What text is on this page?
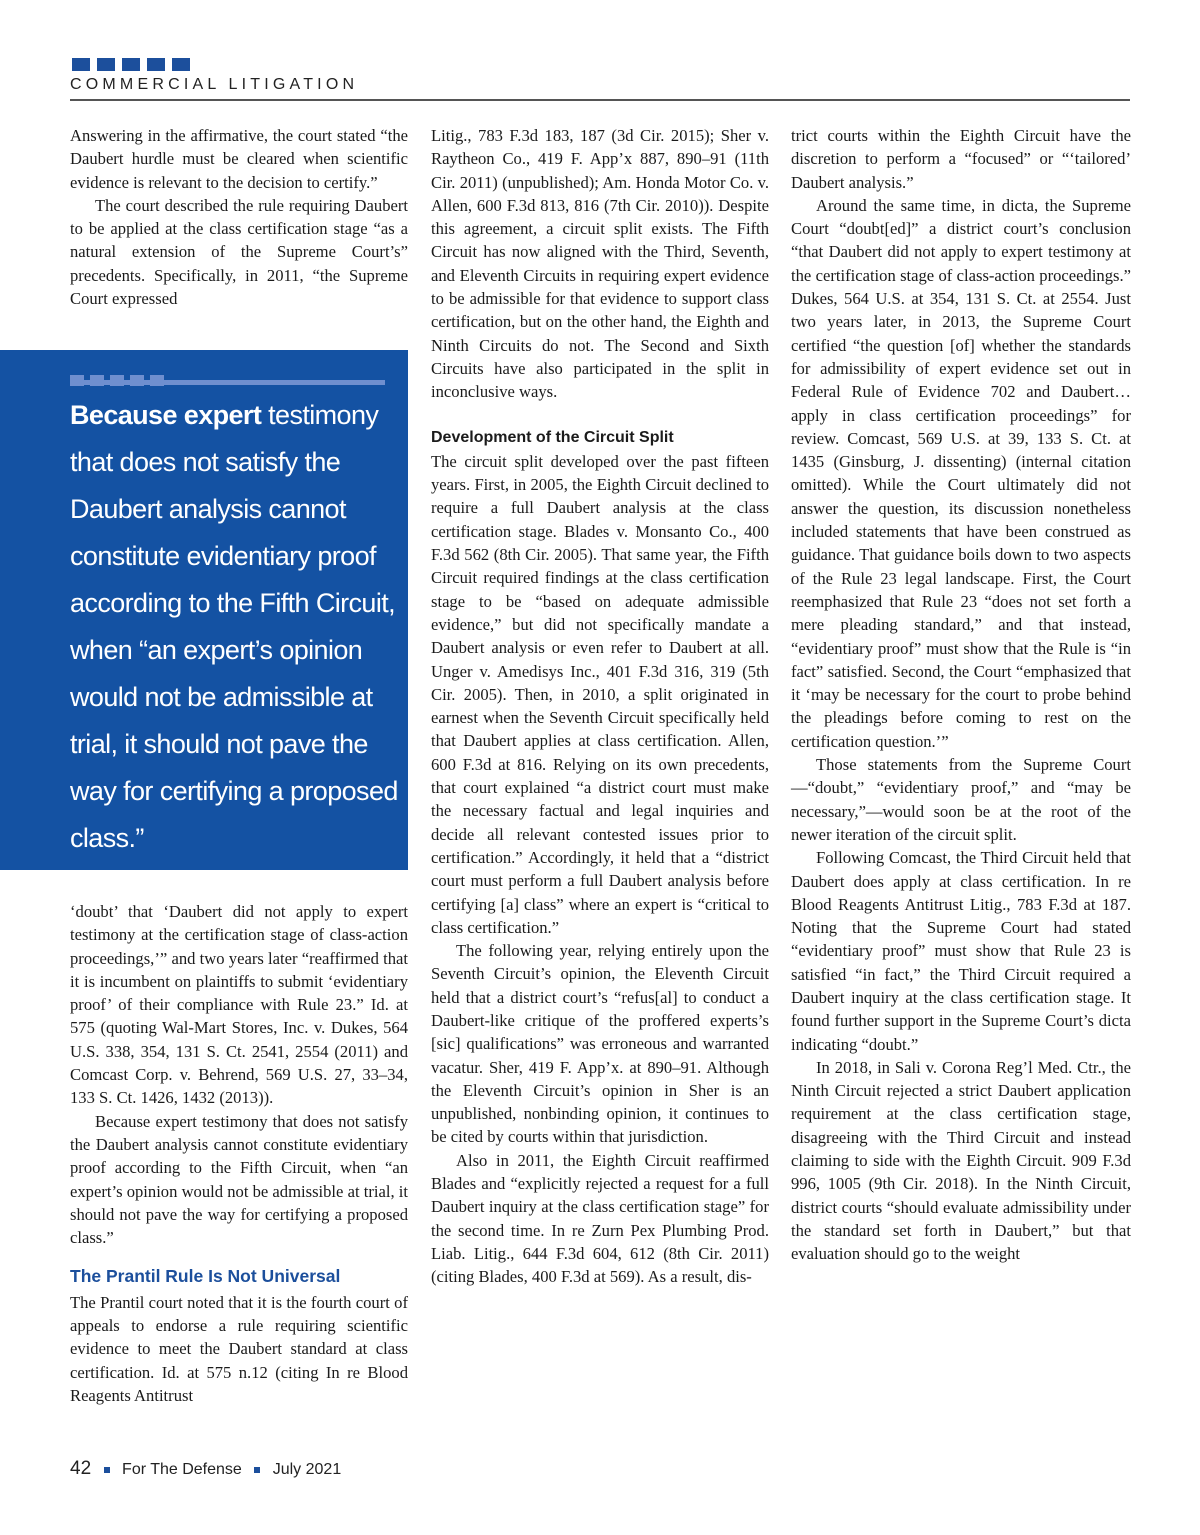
COMMERCIAL LITIGATION

Answering in the affirmative, the court stated “the Daubert hurdle must be cleared when scientific evidence is relevant to the decision to certify.”

The court described the rule requiring Daubert to be applied at the class certification stage “as a natural extension of the Supreme Court’s” precedents. Specifically, in 2011, “the Supreme Court expressed

Because expert testimony that does not satisfy the Daubert analysis cannot constitute evidentiary proof according to the Fifth Circuit, when “an expert’s opinion would not be admissible at trial, it should not pave the way for certifying a proposed class.”

‘doubt’ that ‘Daubert did not apply to expert testimony at the certification stage of class-action proceedings,’” and two years later “reaffirmed that it is incumbent on plaintiffs to submit ‘evidentiary proof’ of their compliance with Rule 23.” Id. at 575 (quoting Wal-Mart Stores, Inc. v. Dukes, 564 U.S. 338, 354, 131 S. Ct. 2541, 2554 (2011) and Comcast Corp. v. Behrend, 569 U.S. 27, 33–34, 133 S. Ct. 1426, 1432 (2013)).

Because expert testimony that does not satisfy the Daubert analysis cannot constitute evidentiary proof according to the Fifth Circuit, when “an expert’s opinion would not be admissible at trial, it should not pave the way for certifying a proposed class.”

The Prantil Rule Is Not Universal

The Prantil court noted that it is the fourth court of appeals to endorse a rule requiring scientific evidence to meet the Daubert standard at class certification. Id. at 575 n.12 (citing In re Blood Reagents Antitrust

Litig., 783 F.3d 183, 187 (3d Cir. 2015); Sher v. Raytheon Co., 419 F. App’x 887, 890–91 (11th Cir. 2011) (unpublished); Am. Honda Motor Co. v. Allen, 600 F.3d 813, 816 (7th Cir. 2010)). Despite this agreement, a circuit split exists. The Fifth Circuit has now aligned with the Third, Seventh, and Eleventh Circuits in requiring expert evidence to be admissible for that evidence to support class certification, but on the other hand, the Eighth and Ninth Circuits do not. The Second and Sixth Circuits have also participated in the split in inconclusive ways.

Development of the Circuit Split

The circuit split developed over the past fifteen years. First, in 2005, the Eighth Circuit declined to require a full Daubert analysis at the class certification stage. Blades v. Monsanto Co., 400 F.3d 562 (8th Cir. 2005). That same year, the Fifth Circuit required findings at the class certification stage to be “based on adequate admissible evidence,” but did not specifically mandate a Daubert analysis or even refer to Daubert at all. Unger v. Amedisys Inc., 401 F.3d 316, 319 (5th Cir. 2005). Then, in 2010, a split originated in earnest when the Seventh Circuit specifically held that Daubert applies at class certification. Allen, 600 F.3d at 816. Relying on its own precedents, that court explained “a district court must make the necessary factual and legal inquiries and decide all relevant contested issues prior to certification.” Accordingly, it held that a “district court must perform a full Daubert analysis before certifying [a] class” where an expert is “critical to class certification.”

The following year, relying entirely upon the Seventh Circuit’s opinion, the Eleventh Circuit held that a district court’s “refus[al] to conduct a Daubert-like critique of the proffered experts’s [sic] qualifications” was erroneous and warranted vacatur. Sher, 419 F. App’x. at 890–91. Although the Eleventh Circuit’s opinion in Sher is an unpublished, nonbinding opinion, it continues to be cited by courts within that jurisdiction.

Also in 2011, the Eighth Circuit reaffirmed Blades and “explicitly rejected a request for a full Daubert inquiry at the class certification stage” for the second time. In re Zurn Pex Plumbing Prod. Liab. Litig., 644 F.3d 604, 612 (8th Cir. 2011) (citing Blades, 400 F.3d at 569). As a result, dis-

trict courts within the Eighth Circuit have the discretion to perform a “focused” or “‘tailored’ Daubert analysis.”

Around the same time, in dicta, the Supreme Court “doubt[ed]” a district court’s conclusion “that Daubert did not apply to expert testimony at the certification stage of class-action proceedings.” Dukes, 564 U.S. at 354, 131 S. Ct. at 2554. Just two years later, in 2013, the Supreme Court certified “the question [of] whether the standards for admissibility of expert evidence set out in Federal Rule of Evidence 702 and Daubert… apply in class certification proceedings” for review. Comcast, 569 U.S. at 39, 133 S. Ct. at 1435 (Ginsburg, J. dissenting) (internal citation omitted). While the Court ultimately did not answer the question, its discussion nonetheless included statements that have been construed as guidance. That guidance boils down to two aspects of the Rule 23 legal landscape. First, the Court reemphasized that Rule 23 “does not set forth a mere pleading standard,” and that instead, “evidentiary proof” must show that the Rule is “in fact” satisfied. Second, the Court “emphasized that it ‘may be necessary for the court to probe behind the pleadings before coming to rest on the certification question.’”

Those statements from the Supreme Court—“doubt,” “evidentiary proof,” and “may be necessary,”—would soon be at the root of the newer iteration of the circuit split.

Following Comcast, the Third Circuit held that Daubert does apply at class certification. In re Blood Reagents Antitrust Litig., 783 F.3d at 187. Noting that the Supreme Court had stated “evidentiary proof” must show that Rule 23 is satisfied “in fact,” the Third Circuit required a Daubert inquiry at the class certification stage. It found further support in the Supreme Court’s dicta indicating “doubt.”

In 2018, in Sali v. Corona Reg’l Med. Ctr., the Ninth Circuit rejected a strict Daubert application requirement at the class certification stage, disagreeing with the Third Circuit and instead claiming to side with the Eighth Circuit. 909 F.3d 996, 1005 (9th Cir. 2018). In the Ninth Circuit, district courts “should evaluate admissibility under the standard set forth in Daubert,” but that evaluation should go to the weight

42 For The Defense July 2021
